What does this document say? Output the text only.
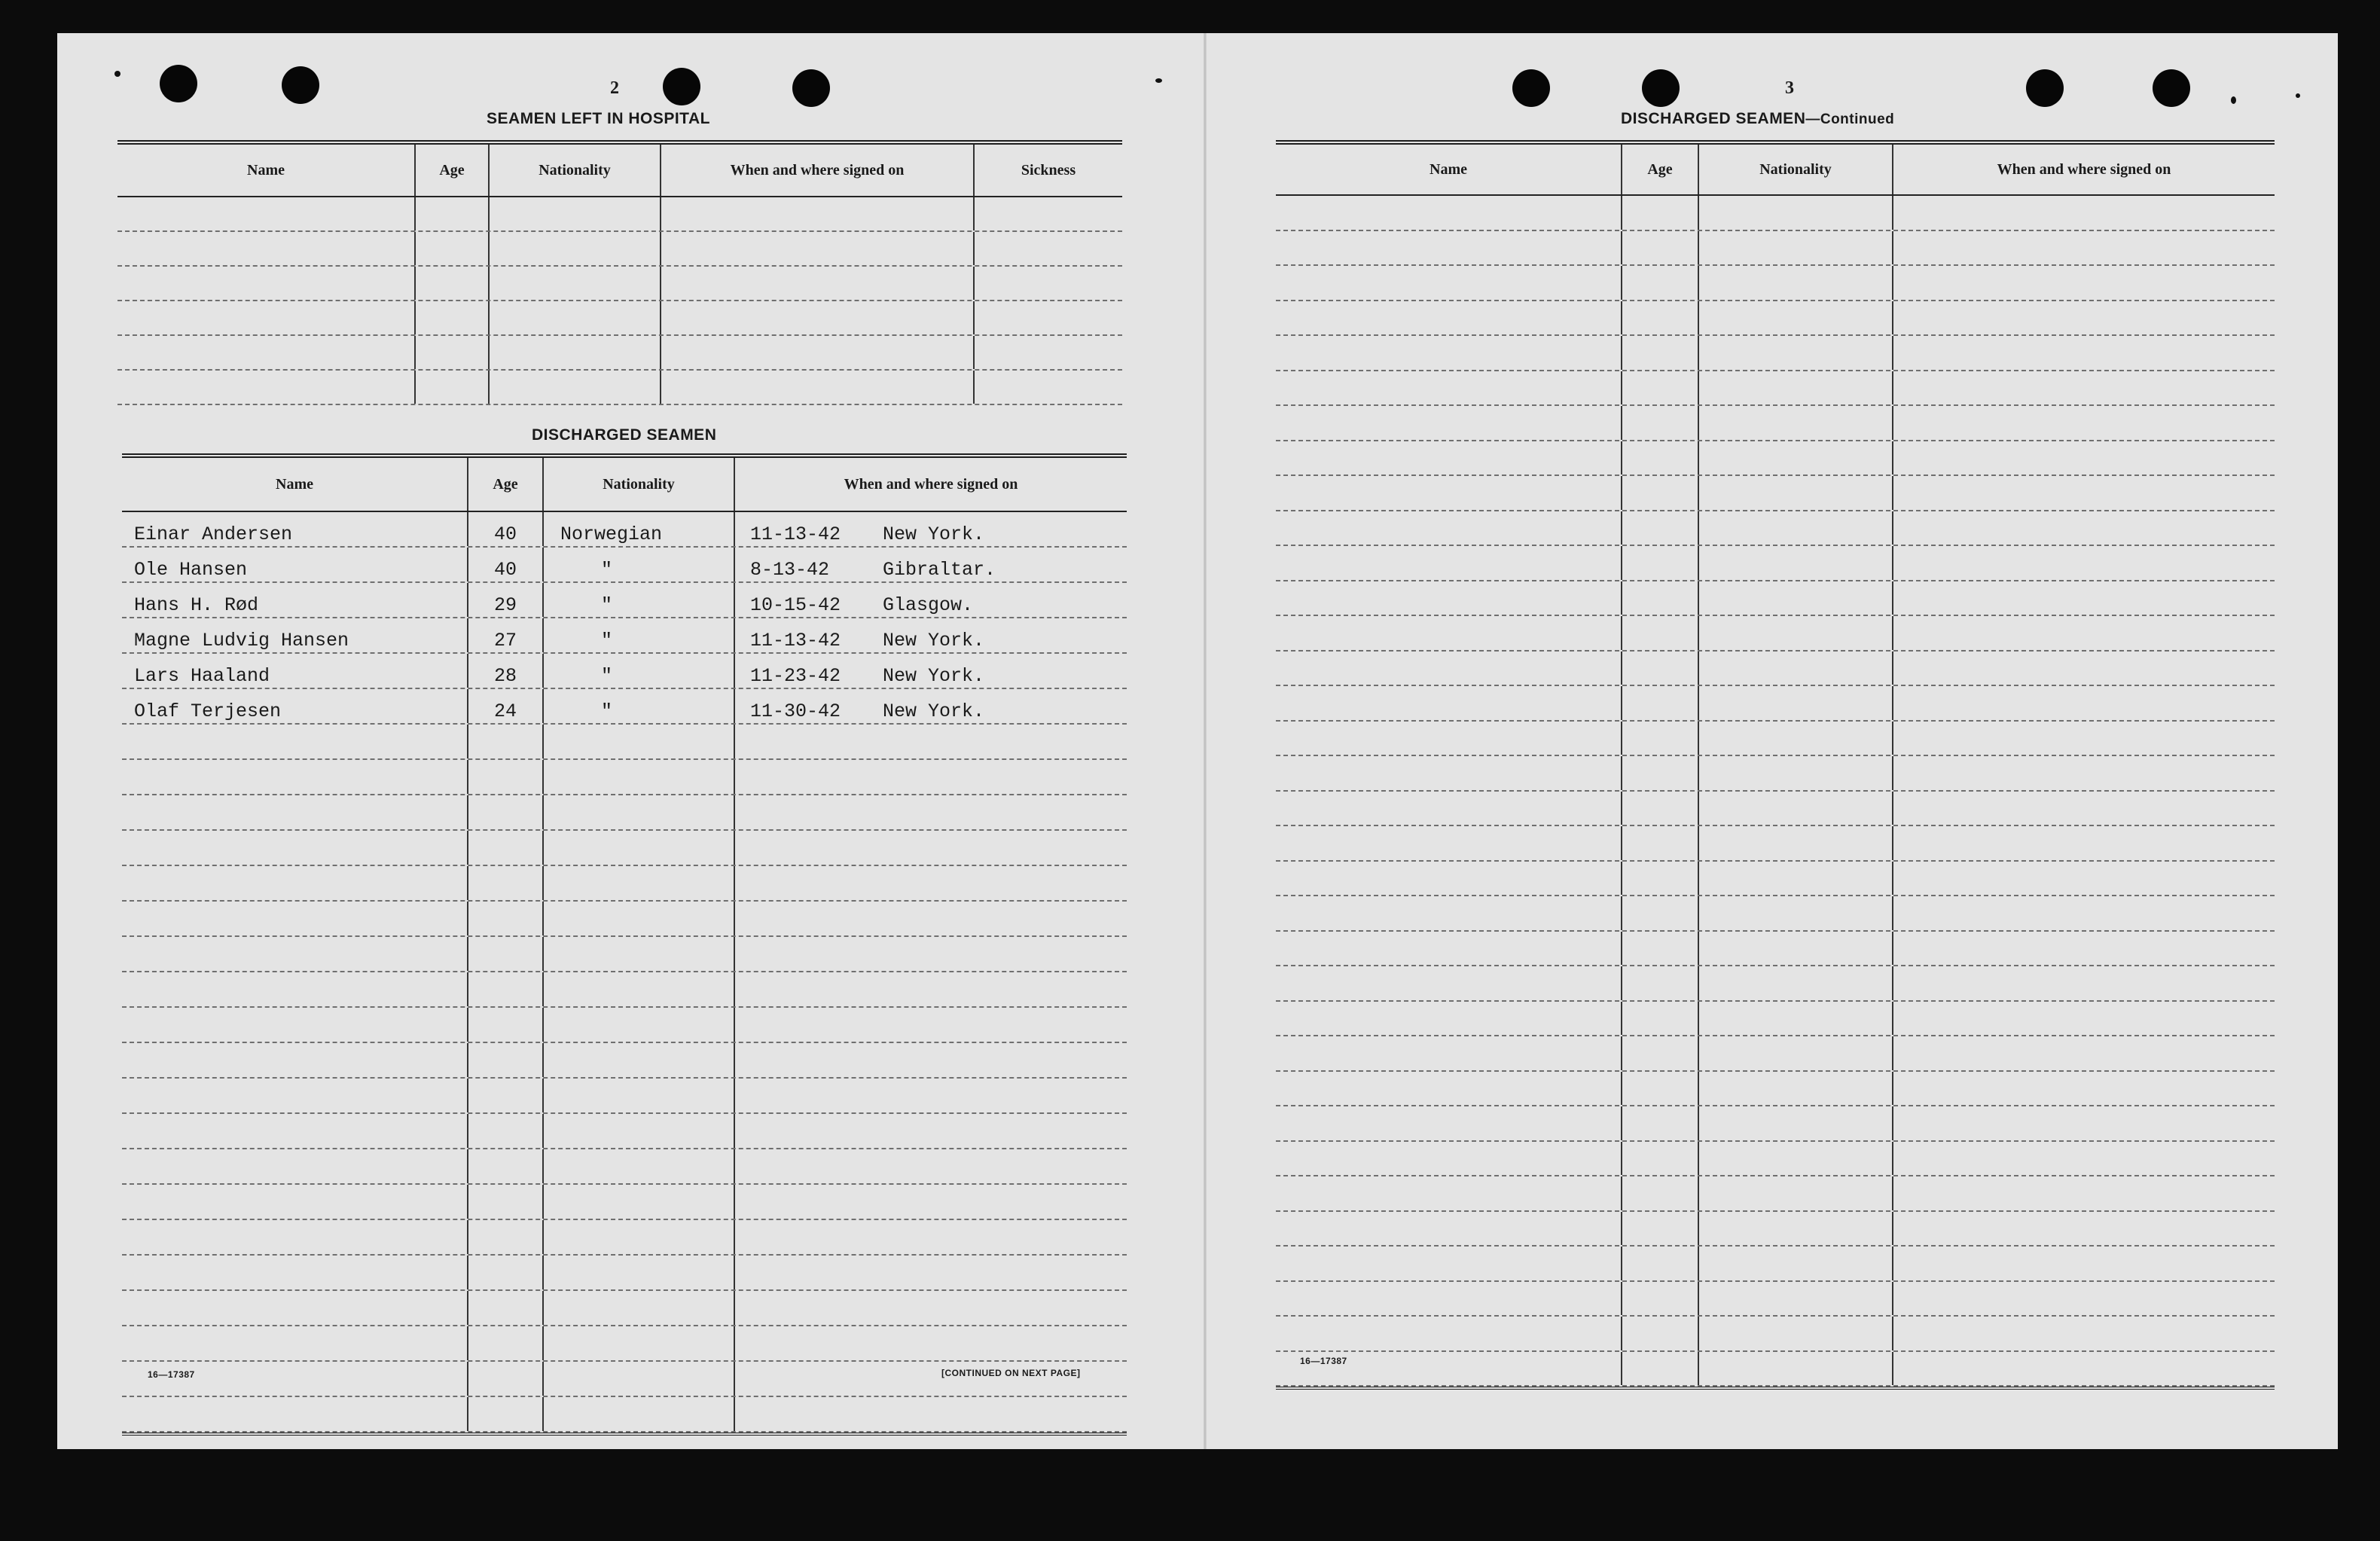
2
SEAMEN LEFT IN HOSPITAL
Name	Age	Nationality	When and where signed on	Sickness
DISCHARGED SEAMEN
Name	Age	Nationality	When and where signed on
Einar Andersen	40	Norwegian	11-13-42	New York.
Ole Hansen	40	"	8-13-42	Gibraltar.
Hans H. Rød	29	"	10-15-42	Glasgow.
Magne Ludvig Hansen	27	"	11-13-42	New York.
Lars Haaland	28	"	11-23-42	New York.
Olaf Terjesen	24	"	11-30-42	New York.
16—17387	[CONTINUED ON NEXT PAGE]
3
DISCHARGED SEAMEN—Continued
Name	Age	Nationality	When and where signed on
16—17387
